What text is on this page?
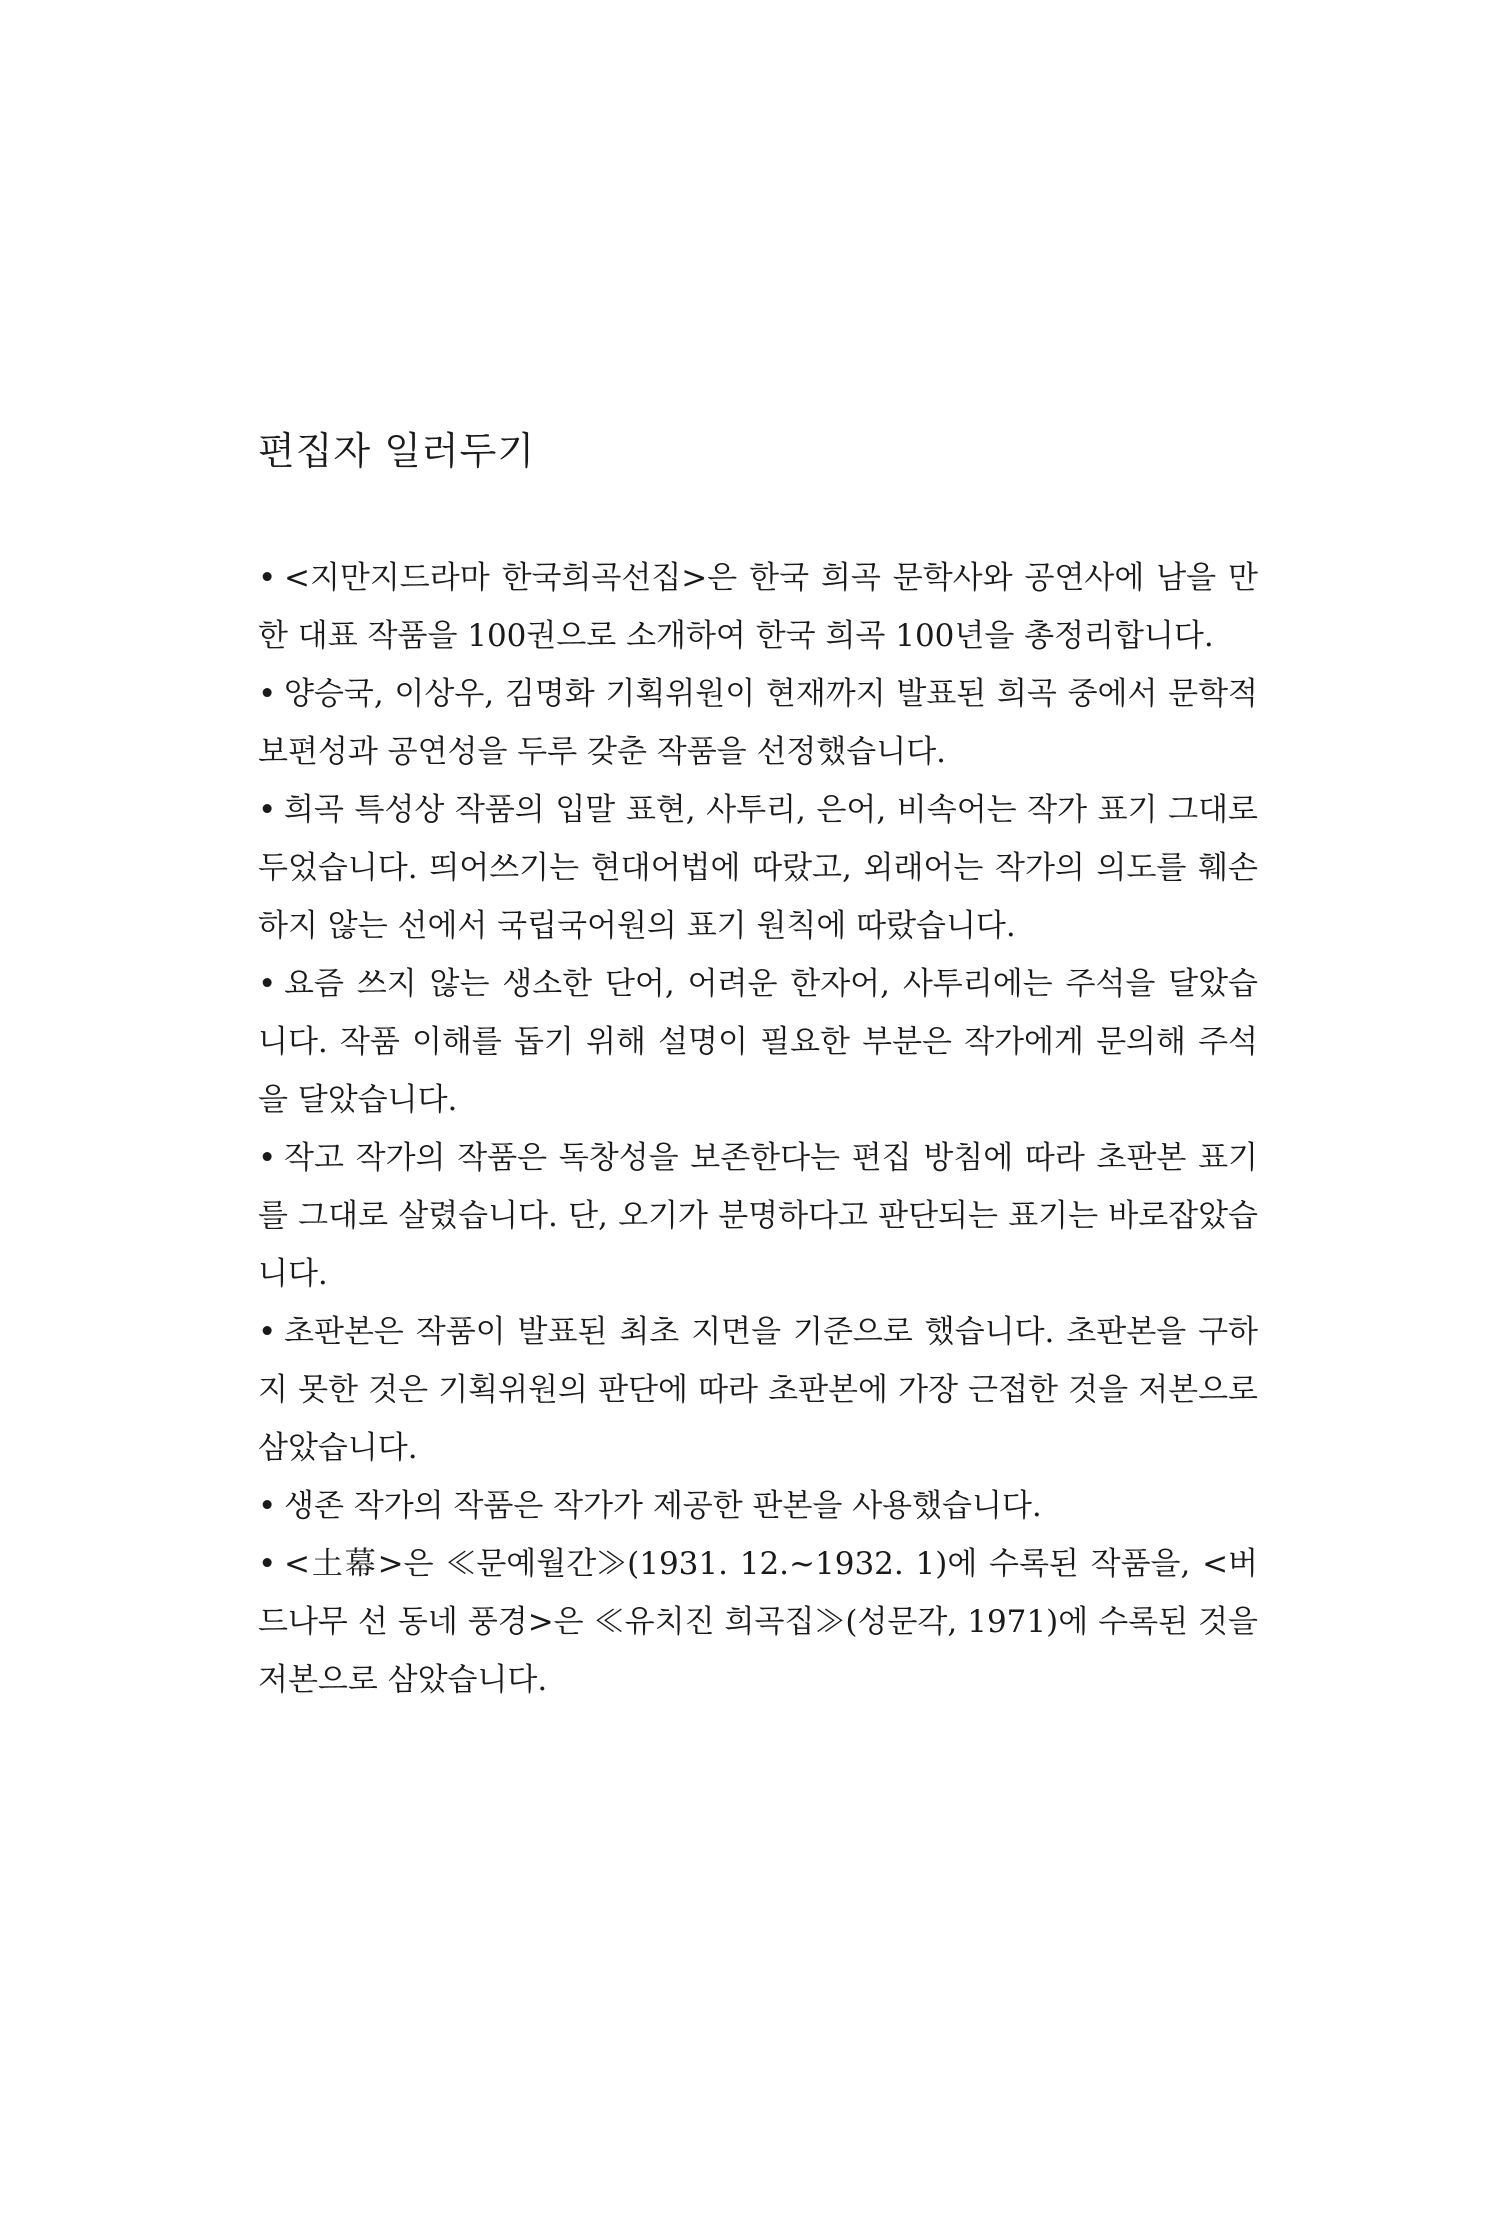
편집자 일러두기

• <지만지드라마 한국희곡선집>은 한국 희곡 문학사와 공연사에 남을 만한 대표 작품을 100권으로 소개하여 한국 희곡 100년을 총정리합니다.

• 양승국, 이상우, 김명화 기획위원이 현재까지 발표된 희곡 중에서 문학적 보편성과 공연성을 두루 갖춘 작품을 선정했습니다.

• 희곡 특성상 작품의 입말 표현, 사투리, 은어, 비속어는 작가 표기 그대로 두었습니다. 띄어쓰기는 현대어법에 따랐고, 외래어는 작가의 의도를 훼손하지 않는 선에서 국립국어원의 표기 원칙에 따랐습니다.

• 요즘 쓰지 않는 생소한 단어, 어려운 한자어, 사투리에는 주석을 달았습니다. 작품 이해를 돕기 위해 설명이 필요한 부분은 작가에게 문의해 주석을 달았습니다.

• 작고 작가의 작품은 독창성을 보존한다는 편집 방침에 따라 초판본 표기를 그대로 살렸습니다. 단, 오기가 분명하다고 판단되는 표기는 바로잡았습니다.

• 초판본은 작품이 발표된 최초 지면을 기준으로 했습니다. 초판본을 구하지 못한 것은 기획위원의 판단에 따라 초판본에 가장 근접한 것을 저본으로 삼았습니다.

• 생존 작가의 작품은 작가가 제공한 판본을 사용했습니다.

• <土幕>은 ≪문예월간≫(1931. 12.~1932. 1)에 수록된 작품을, <버드나무 선 동네 풍경>은 ≪유치진 희곡집≫(성문각, 1971)에 수록된 것을 저본으로 삼았습니다.
